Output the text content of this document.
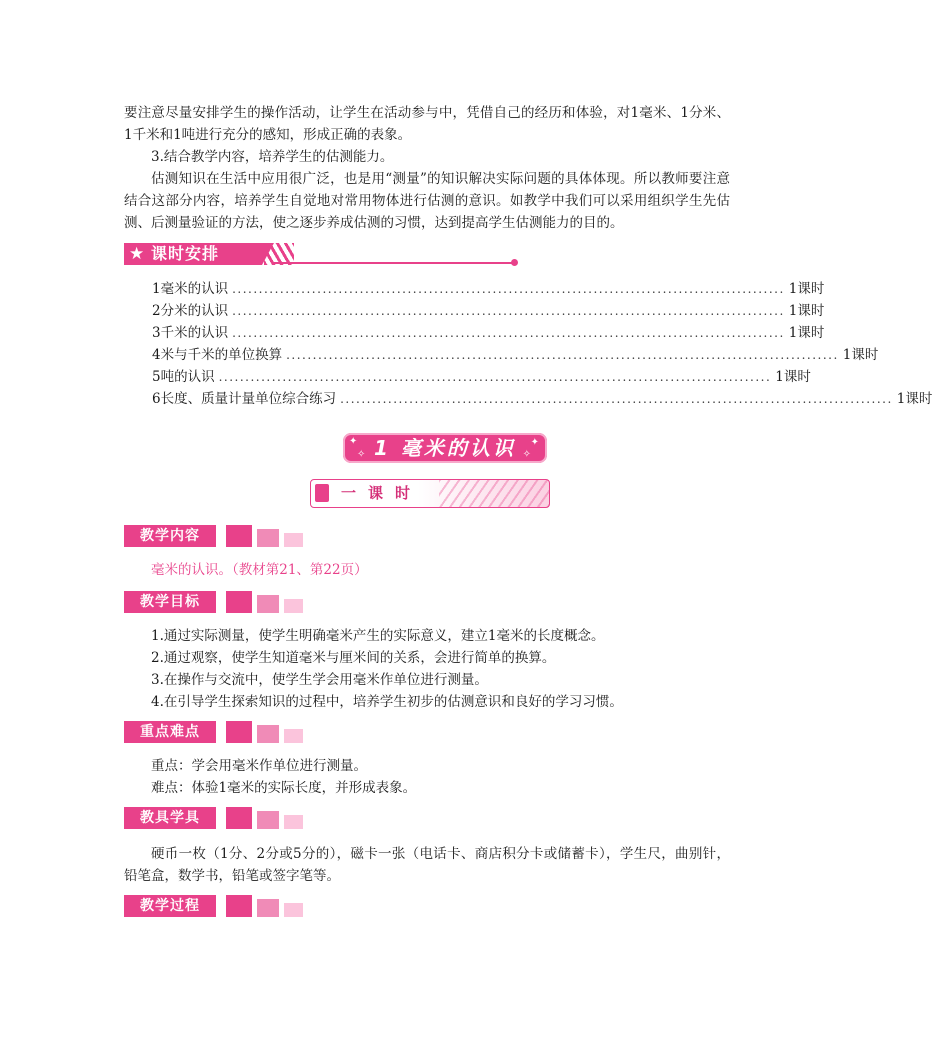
要注意尽量安排学生的操作活动，让学生在活动参与中，凭借自己的经历和体验，对1毫米、1分米、1千米和1吨进行充分的感知，形成正确的表象。

3.结合教学内容，培养学生的估测能力。

估测知识在生活中应用很广泛，也是用“测量”的知识解决实际问题的具体体现。所以教师要注意结合这部分内容，培养学生自觉地对常用物体进行估测的意识。如教学中我们可以采用组织学生先估测、后测量验证的方法，使之逐步养成估测的习惯，达到提高学生估测能力的目的。

★ 课时安排
1 毫米的认识 ........................................................................................................ 1课时
2 分米的认识 ........................................................................................................ 1课时
3 千米的认识 ........................................................................................................ 1课时
4 米与千米的单位换算 ........................................................................................................ 1课时
5 吨的认识 ........................................................................................................ 1课时
6 长度、质量计量单位综合练习 ........................................................................................................ 1课时
✦
✧
✦
✧
1 毫米的认识
一课时
教学内容

毫米的认识。（教材第21、第22页）

教学目标

1.通过实际测量，使学生明确毫米产生的实际意义，建立1毫米的长度概念。

2.通过观察，使学生知道毫米与厘米间的关系，会进行简单的换算。

3.在操作与交流中，使学生学会用毫米作单位进行测量。

4.在引导学生探索知识的过程中，培养学生初步的估测意识和良好的学习习惯。

重点难点

重点：学会用毫米作单位进行测量。

难点：体验1毫米的实际长度，并形成表象。

教具学具

硬币一枚（1分、2分或5分的），磁卡一张（电话卡、商店积分卡或储蓄卡），学生尺，曲别针，铅笔盒，数学书，铅笔或签字笔等。

教学过程
